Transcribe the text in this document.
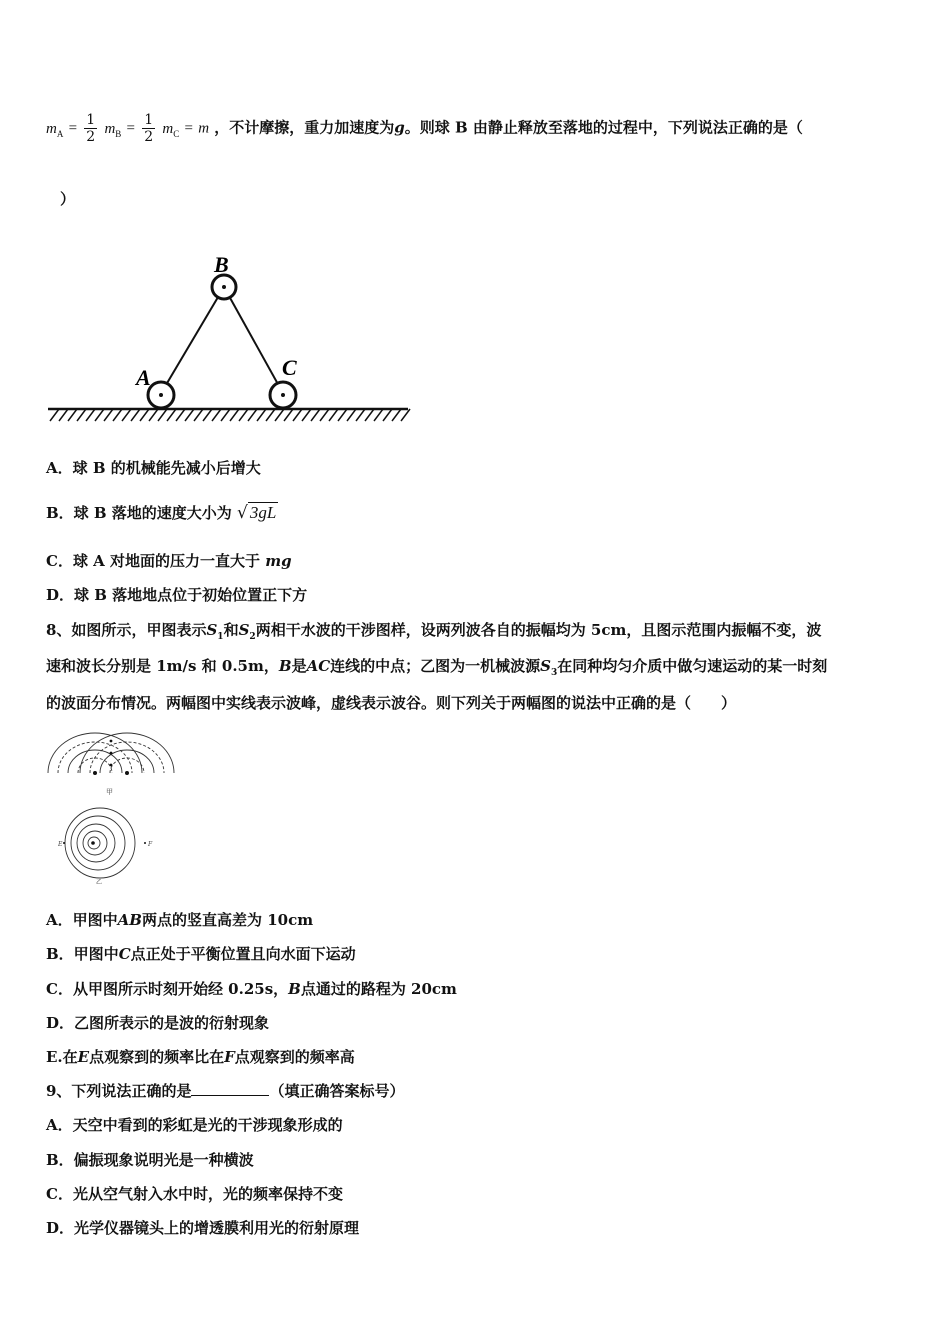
$m_A = \frac{1}{2} m_B = \frac{1}{2} m_C = m$ ，不计摩擦，重力加速度为g。则球 B 由静止释放至落地的过程中，下列说法正确的是（
）
B
A	C
A．球 B 的机械能先减小后增大
B．球 B 落地的速度大小为 √ 3gL
C．球 A 对地面的压力一直大于 mg
D．球 B 落地地点位于初始位置正下方
8、如图所示，甲图表示$S_1$和$S_2$两相干水波的干涉图样，设两列波各自的振幅均为 5cm，且图示范围内振幅不变，波
速和波长分别是 1m/s 和 0.5m，B是AC连线的中点；乙图为一机械波源$S_3$在同种均匀介质中做匀速运动的某一时刻
的波面分布情况。两幅图中实线表示波峰，虚线表示波谷。则下列关于两幅图的说法中正确的是（　　）
甲
E	F
乙
A．甲图中AB两点的竖直高差为 10cm
B．甲图中C点正处于平衡位置且向水面下运动
C．从甲图所示时刻开始经 0.25s，B点通过的路程为 20cm
D．乙图所表示的是波的衍射现象
E.在E点观察到的频率比在F点观察到的频率高
9、下列说法正确的是	（填正确答案标号）
A．天空中看到的彩虹是光的干涉现象形成的
B．偏振现象说明光是一种横波
C．光从空气射入水中时，光的频率保持不变
D．光学仪器镜头上的增透膜利用光的衍射原理
